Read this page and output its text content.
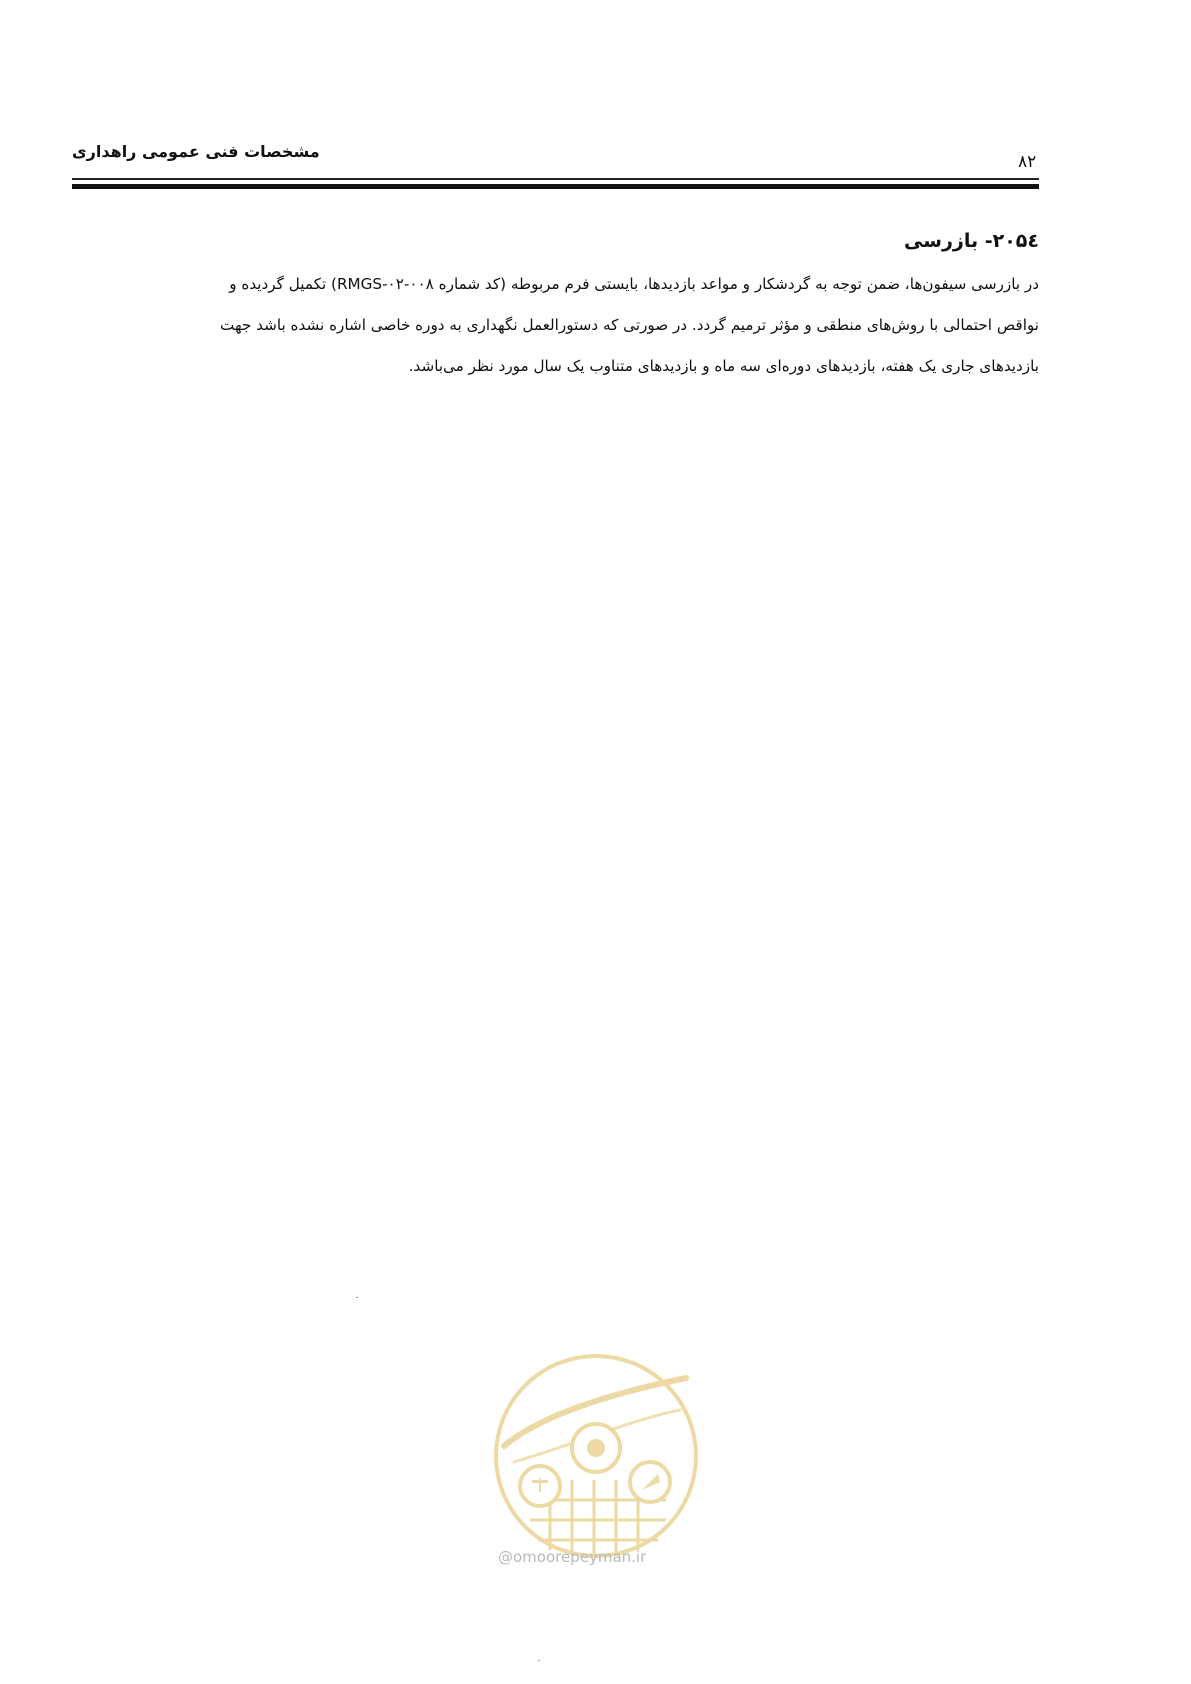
مشخصات فنی عمومی راهداری
۸۲
۲۰۵٤- بازرسی
در بازرسی سیفون‌ها، ضمن توجه به گردشکار و مواعد بازدیدها، بایستی فرم مربوطه (کد شماره ۰۰۸-۰۲-RMGS) تکمیل گردیده و
نواقص احتمالی با روش‌های منطقی و مؤثر ترمیم گردد. در صورتی که دستورالعمل نگهداری به دوره خاصی اشاره نشده باشد جهت
بازدیدهای جاری یک هفته، بازدیدهای دوره‌ای سه ماه و بازدیدهای متناوب یک سال مورد نظر می‌باشد.
@omoorepeyman.ir
